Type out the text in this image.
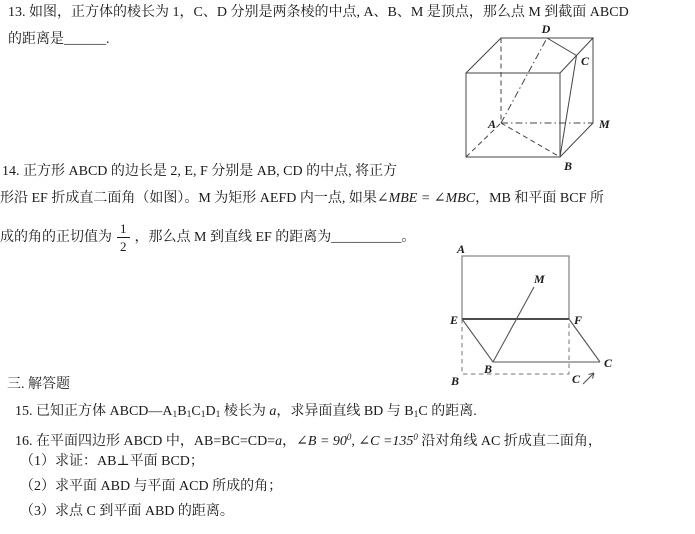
13. 如图，正方体的棱长为 1，C、D 分别是两条棱的中点, A、B、M 是顶点，那么点 M 到截面 ABCD
的距离是______.
D
C
A	M
B
14. 正方形 ABCD 的边长是 2, E, F 分别是 AB, CD 的中点, 将正方
形沿 EF 折成直二面角（如图）。M 为矩形 AEFD 内一点, 如果∠MBE = ∠MBC，MB 和平面 BCF 所
成的角的正切值为 $\frac{1}{2}$ ，那么点 M 到直线 EF 的距离为 __________ 。
A
E	F
M
B	C
B	C
三. 解答题
15. 已知正方体 ABCD—A1B1C1D1 棱长为 a，求异面直线 BD 与 B1C 的距离.
16. 在平面四边形 ABCD 中，AB=BC=CD=a，∠B = $90^0$, ∠C $=135^0$ 沿对角线 AC 折成直二面角，
（1）求证：AB⊥平面 BCD；
（2）求平面 ABD 与平面 ACD 所成的角；
（3）求点 C 到平面 ABD 的距离。
